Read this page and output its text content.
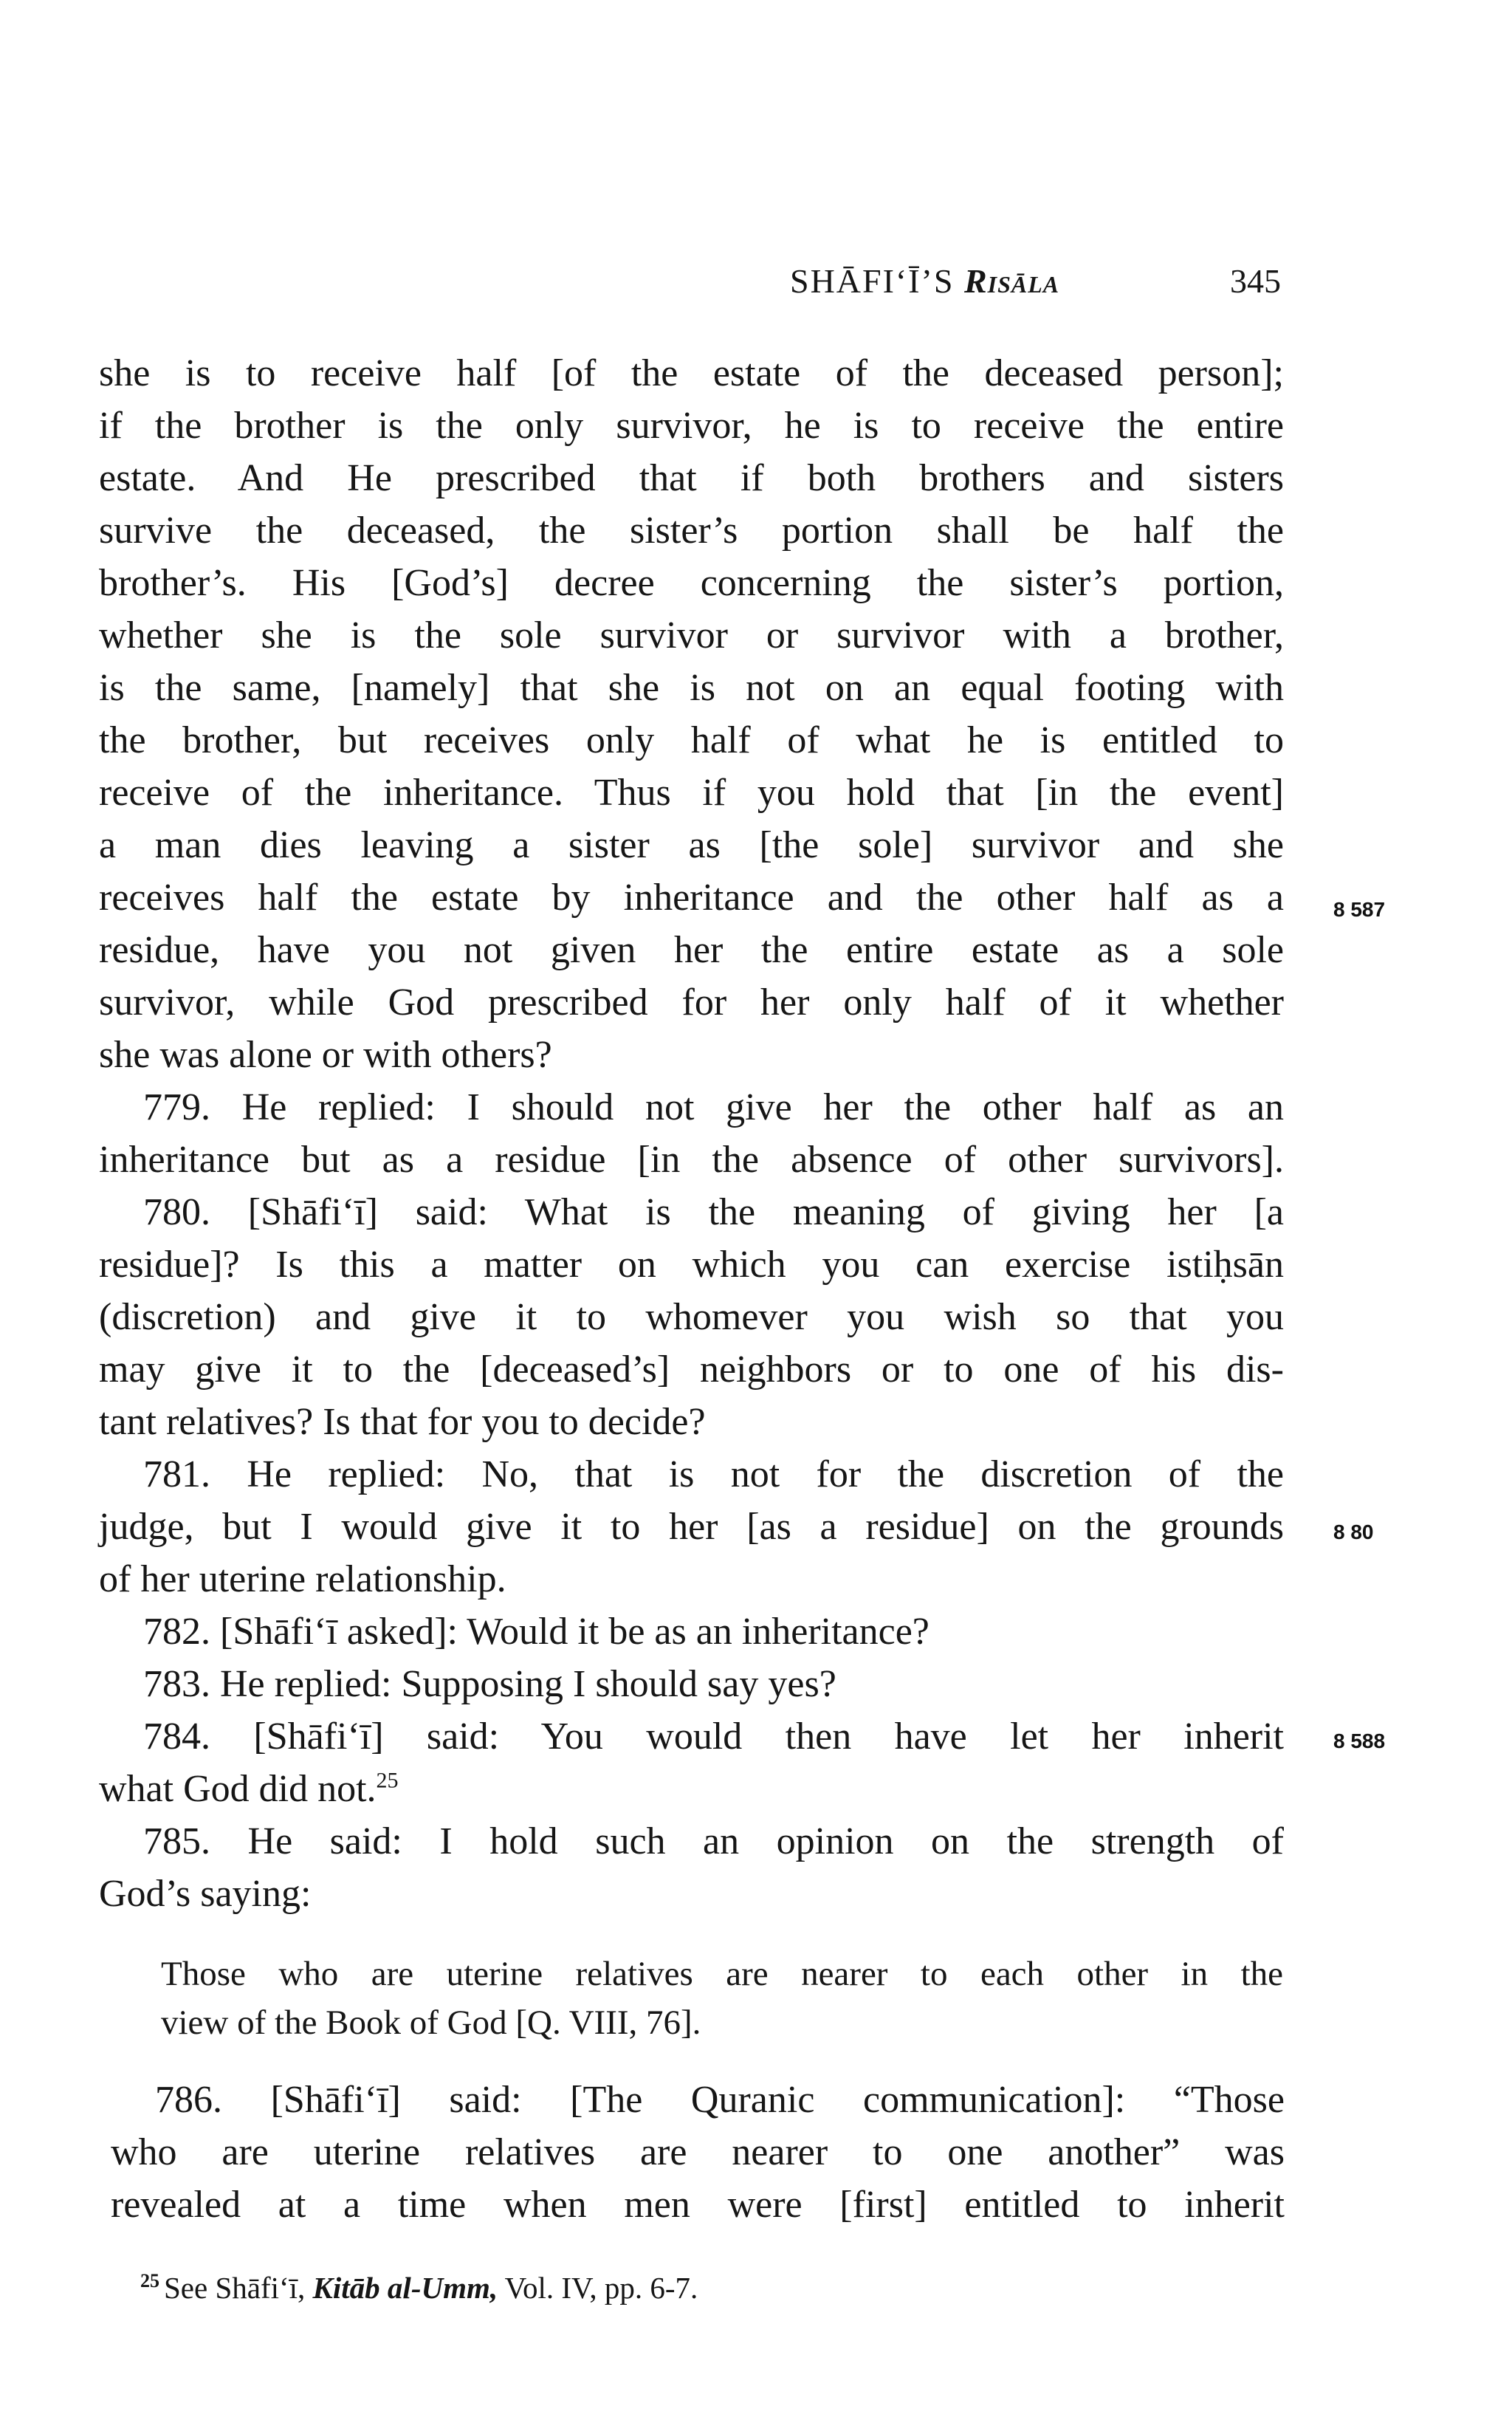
SHĀFI‘Ī’S Risāla	345
she is to receive half [of the estate of the deceased person];
if the brother is the only survivor, he is to receive the entire
estate. And He prescribed that if both brothers and sisters
survive the deceased, the sister’s portion shall be half the
brother’s. His [God’s] decree concerning the sister’s portion,
whether she is the sole survivor or survivor with a brother,
is the same, [namely] that she is not on an equal footing with
the brother, but receives only half of what he is entitled to
receive of the inheritance. Thus if you hold that [in the event]
a man dies leaving a sister as [the sole] survivor and she
receives half the estate by inheritance and the other half as a
residue, have you not given her the entire estate as a sole
survivor, while God prescribed for her only half of it whether
she was alone or with others?
779. He replied: I should not give her the other half as an
inheritance but as a residue [in the absence of other survivors].
780. [Shāfi‘ī] said: What is the meaning of giving her [a
residue]? Is this a matter on which you can exercise istiḥsān
(discretion) and give it to whomever you wish so that you
may give it to the [deceased’s] neighbors or to one of his dis-
tant relatives? Is that for you to decide?
781. He replied: No, that is not for the discretion of the
judge, but I would give it to her [as a residue] on the grounds
of her uterine relationship.
782. [Shāfi‘ī asked]: Would it be as an inheritance?
783. He replied: Supposing I should say yes?
784. [Shāfi‘ī] said: You would then have let her inherit
what God did not.$^{25}$
785. He said: I hold such an opinion on the strength of
God’s saying:
Those who are uterine relatives are nearer to each other in the
view of the Book of God [Q. VIII, 76].
786. [Shāfi‘ī] said: [The Quranic communication]: “Those
who are uterine relatives are nearer to one another” was
revealed at a time when men were [first] entitled to inherit
$^{25}$ See Shāfi‘ī, Kitāb al-Umm, Vol. IV, pp. 6-7.
8 587
8 80
8 588
